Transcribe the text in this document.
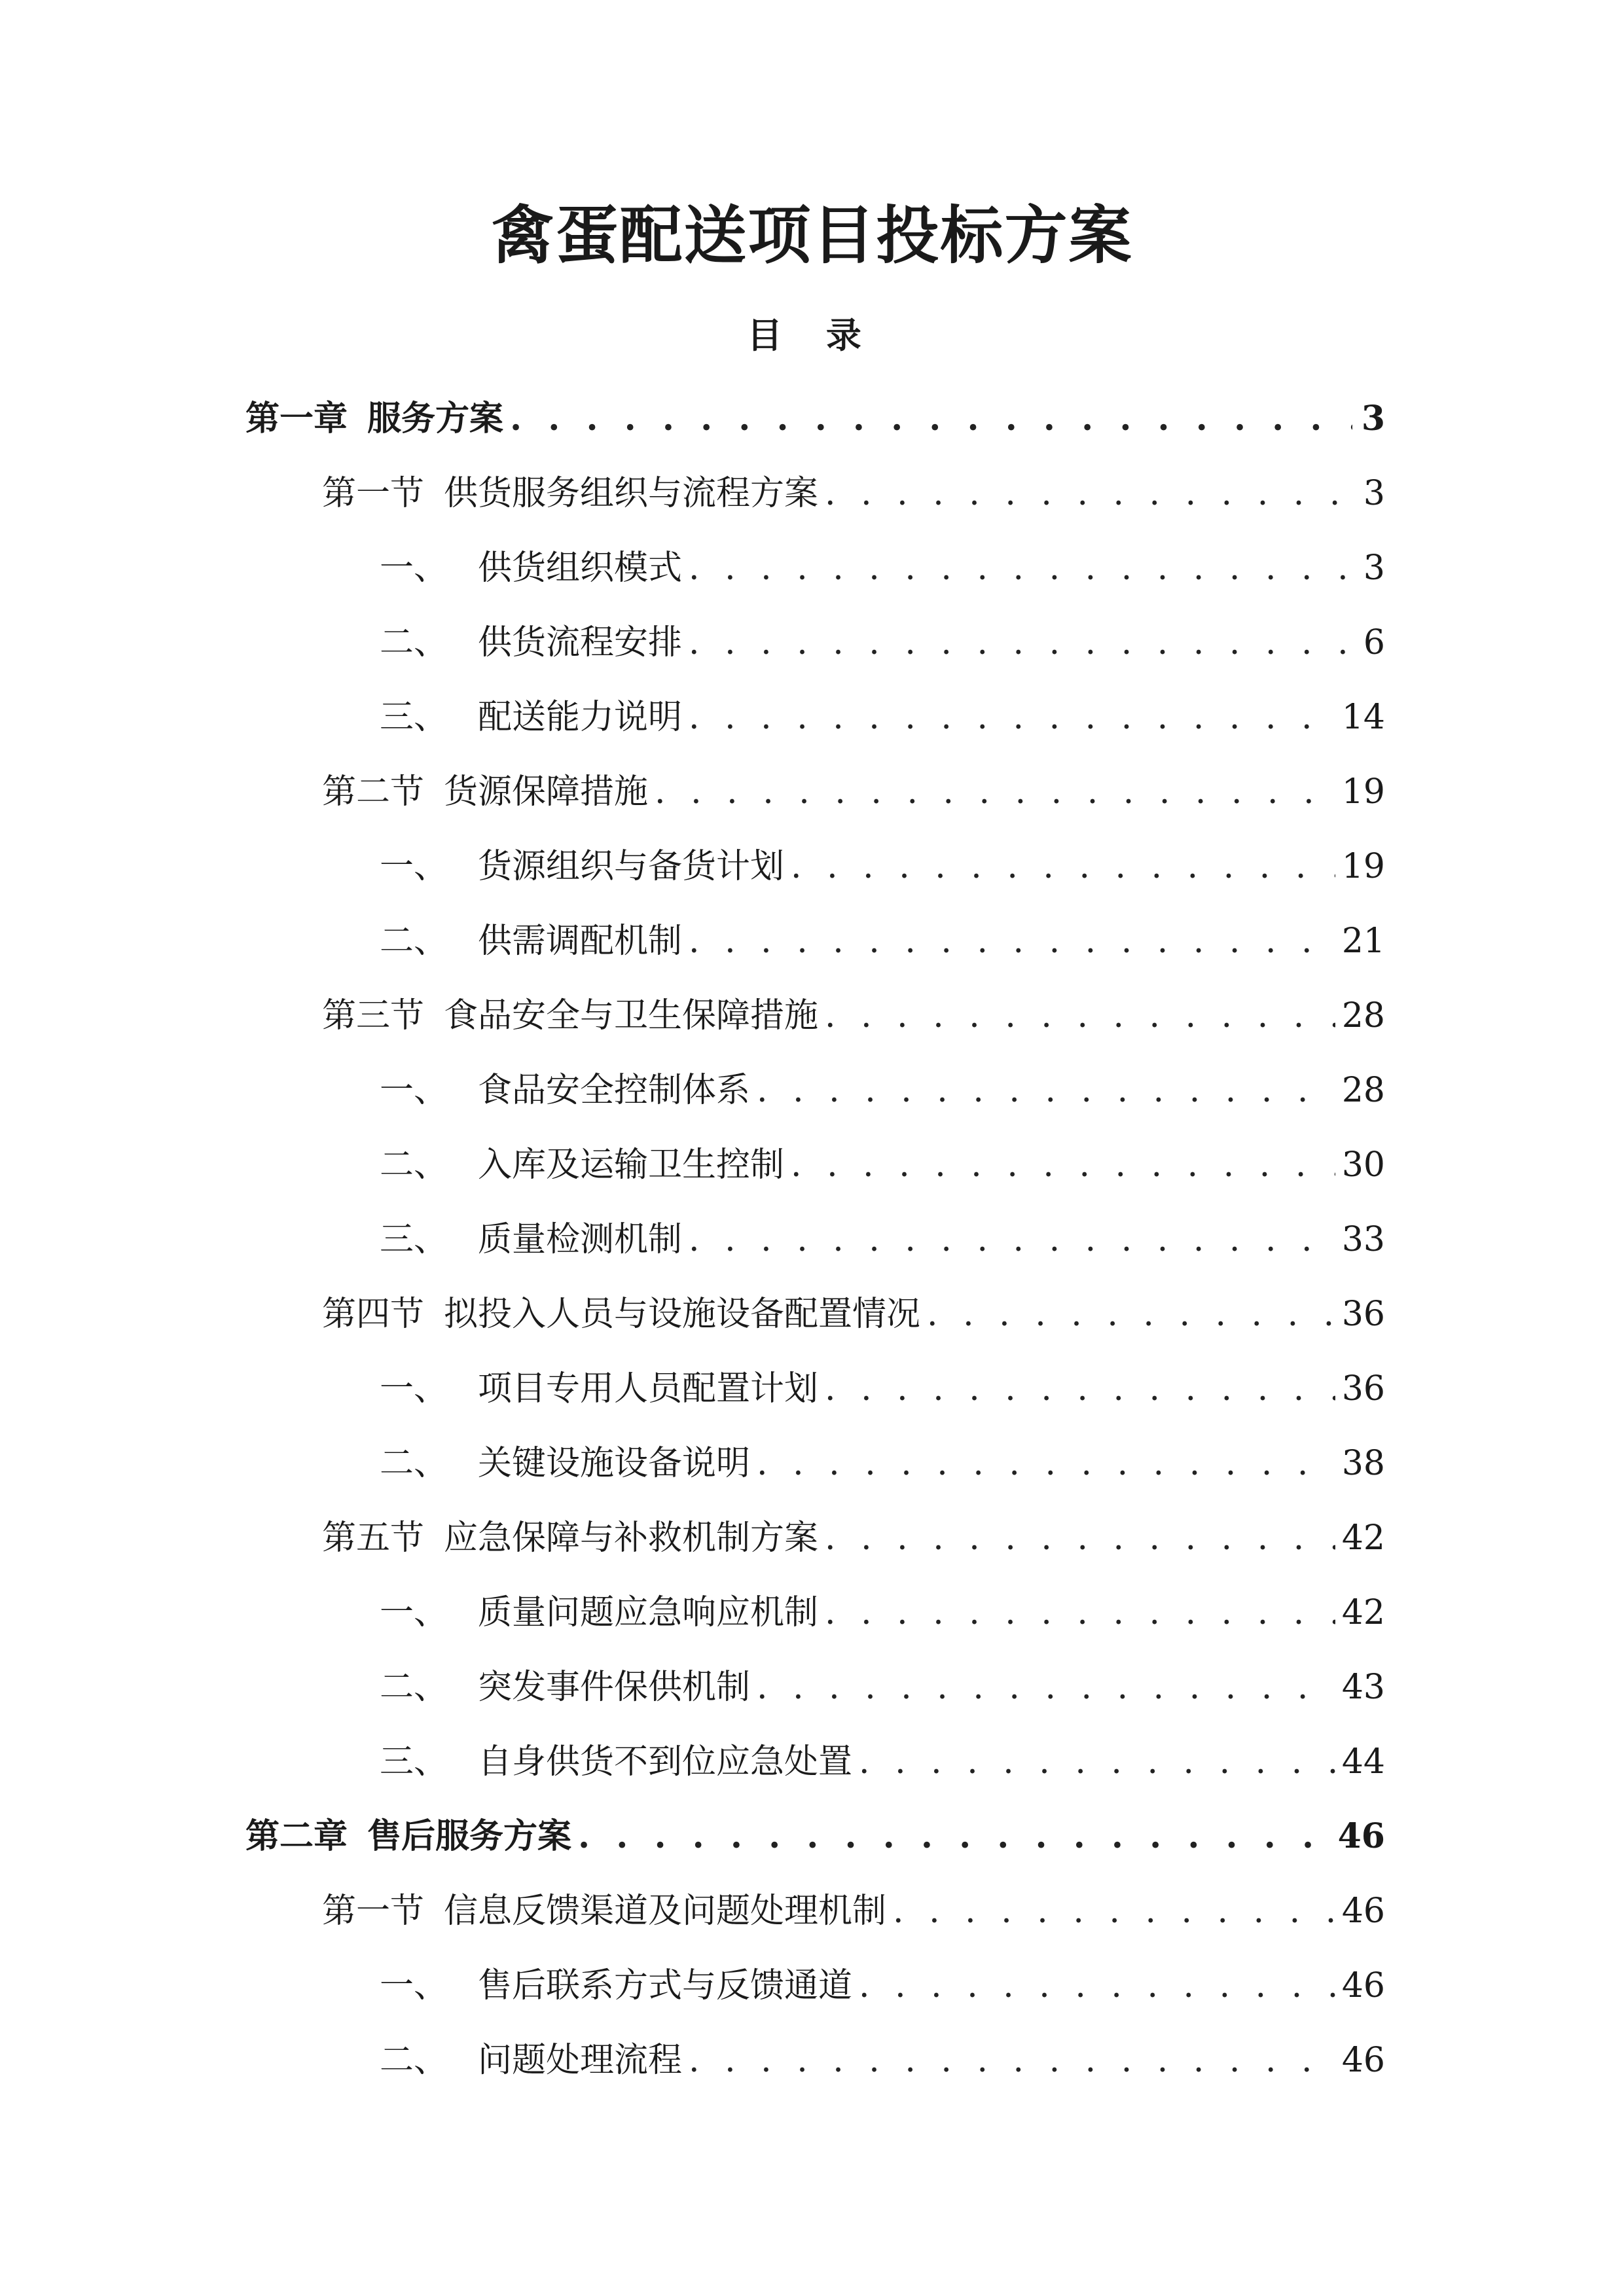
禽蛋配送项目投标方案
目 录
第一章 服务方案 . . .	3
第一节 供货服务组织与流程方案 . . .	3
一、 供货组织模式 . . .	3
二、 供货流程安排 . . .	6
三、 配送能力说明 . . .	14
第二节 货源保障措施 . . .	19
一、 货源组织与备货计划 . . .	19
二、 供需调配机制 . . .	21
第三节 食品安全与卫生保障措施 . . .	28
一、 食品安全控制体系 . . .	28
二、 入库及运输卫生控制 . . .	30
三、 质量检测机制 . . .	33
第四节 拟投入人员与设施设备配置情况 . . .	36
一、 项目专用人员配置计划 . . .	36
二、 关键设施设备说明 . . .	38
第五节 应急保障与补救机制方案 . . .	42
一、 质量问题应急响应机制 . . .	42
二、 突发事件保供机制 . . .	43
三、 自身供货不到位应急处置 . . .	44
第二章 售后服务方案 . . .	46
第一节 信息反馈渠道及问题处理机制 . . .	46
一、 售后联系方式与反馈通道 . . .	46
二、 问题处理流程 . . .	46
